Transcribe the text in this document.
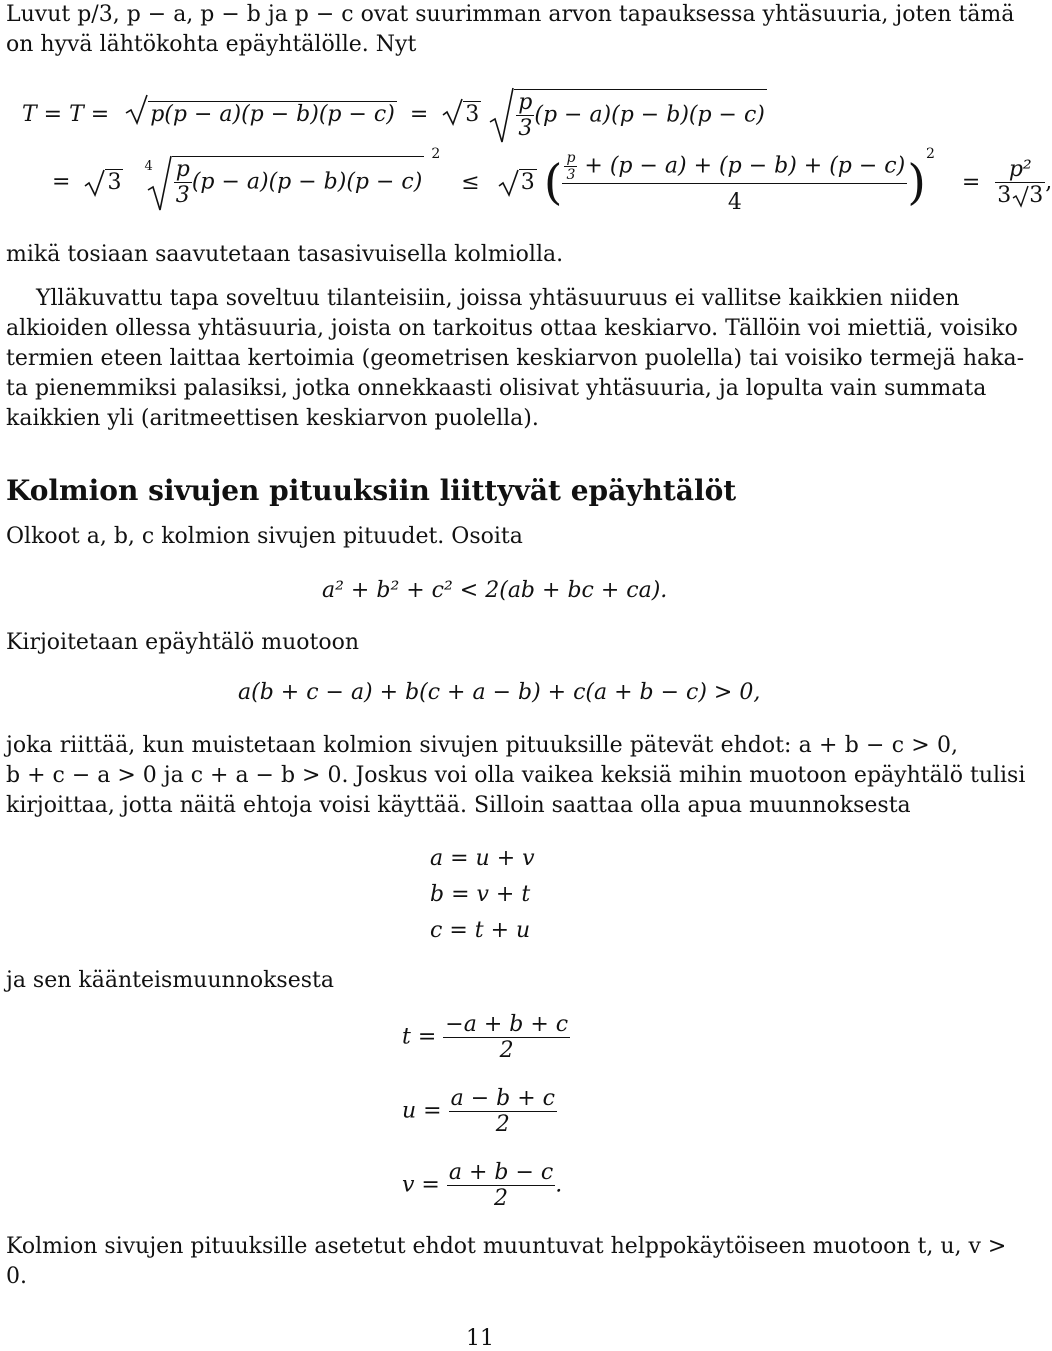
Luvut p/3, p − a, p − b ja p − c ovat suurimman arvon tapauksessa yhtäsuuria, joten tämä
on hyvä lähtökohta epäyhtälölle. Nyt
$T = T = p(p - a)(p - b)(p - c) = 3 \frac{p}{3} (p - a)(p - b)(p - c)$
= 3 $^4 \frac{p}{3} (p - a)(p - b)(p - c) ^2 \le 3$ ( $\frac{\frac{p}{3} + (p - a) + (p - b) + (p - c)}{4} )^2 = \frac{\text{p²}}{3 3}$ ,
mikä tosiaan saavutetaan tasasivuisella kolmiolla.
Ylläkuvattu tapa soveltuu tilanteisiin, joissa yhtäsuuruus ei vallitse kaikkien niiden
alkioiden ollessa yhtäsuuria, joista on tarkoitus ottaa keskiarvo. Tällöin voi miettiä, voisiko
termien eteen laittaa kertoimia (geometrisen keskiarvon puolella) tai voisiko termejä haka-
ta pienemmiksi palasiksi, jotka onnekkaasti olisivat yhtäsuuria, ja lopulta vain summata
kaikkien yli (aritmeettisen keskiarvon puolella).
Kolmion sivujen pituuksiin liittyvät epäyhtälöt
Olkoot a, b, c kolmion sivujen pituudet. Osoita
a² + b² + c² < 2(ab + bc + ca).
Kirjoitetaan epäyhtälö muotoon
a(b + c − a) + b(c + a − b) + c(a + b − c) > 0,
joka riittää, kun muistetaan kolmion sivujen pituuksille pätevät ehdot: a + b − c > 0,
b + c − a > 0 ja c + a − b > 0. Joskus voi olla vaikea keksiä mihin muotoon epäyhtälö tulisi
kirjoittaa, jotta näitä ehtoja voisi käyttää. Silloin saattaa olla apua muunnoksesta
a = u + v
b = v + t
c = t + u
ja sen käänteismuunnoksesta
$t = \frac{-a + b + c}{2}$
$u = \frac{a - b + c}{2}$
$v = \frac{a + b - c}{2}$ .
Kolmion sivujen pituuksille asetetut ehdot muuntuvat helppokäytöiseen muotoon t, u, v >
0.
11
